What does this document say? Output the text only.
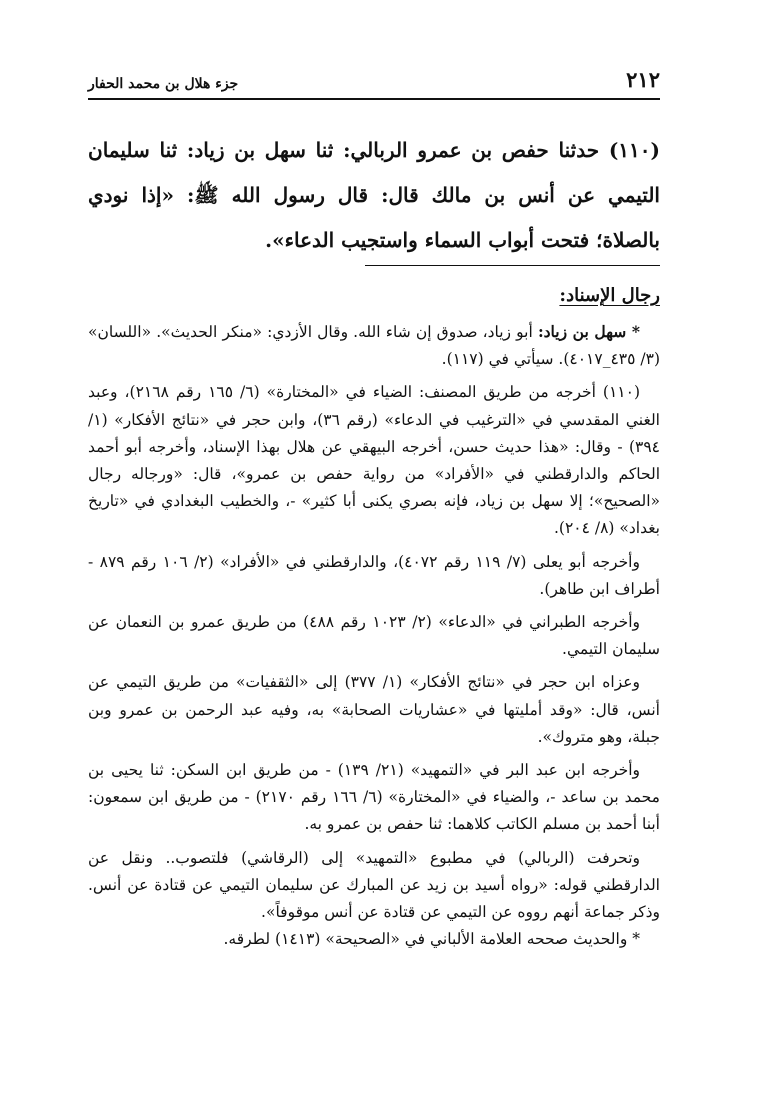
٢١٢
جزء هلال بن محمد الحفار
(١١٠) حدثنا حفص بن عمرو الربالي: ثنا سهل بن زياد: ثنا سليمان التيمي عن أنس بن مالك قال: قال رسول الله ﷺ: «إذا نودي بالصلاة؛ فتحت أبواب السماء واستجيب الدعاء».
رجال الإسناد:

* سهل بن زياد: أبو زياد، صدوق إن شاء الله. وقال الأزدي: «منكر الحديث». «اللسان» (٣/ ٤٣٥_٤٠١٧). سيأتي في (١١٧).

(١١٠) أخرجه من طريق المصنف: الضياء في «المختارة» (٦/ ١٦٥ رقم ٢١٦٨)، وعبد الغني المقدسي في «الترغيب في الدعاء» (رقم ٣٦)، وابن حجر في «نتائج الأفكار» (١/ ٣٩٤) - وقال: «هذا حديث حسن، أخرجه البيهقي عن هلال بهذا الإسناد، وأخرجه أبو أحمد الحاكم والدارقطني في «الأفراد» من رواية حفص بن عمرو»، قال: «ورجاله رجال «الصحيح»؛ إلا سهل بن زياد، فإنه بصري يكنى أبا كثير» -، والخطيب البغدادي في «تاريخ بغداد» (٨/ ٢٠٤).

وأخرجه أبو يعلى (٧/ ١١٩ رقم ٤٠٧٢)، والدارقطني في «الأفراد» (٢/ ١٠٦ رقم ٨٧٩ - أطراف ابن طاهر).

وأخرجه الطبراني في «الدعاء» (٢/ ١٠٢٣ رقم ٤٨٨) من طريق عمرو بن النعمان عن سليمان التيمي.

وعزاه ابن حجر في «نتائج الأفكار» (١/ ٣٧٧) إلى «الثقفيات» من طريق التيمي عن أنس، قال: «وقد أمليتها في «عشاريات الصحابة» به، وفيه عبد الرحمن بن عمرو وبن جبلة، وهو متروك».

وأخرجه ابن عبد البر في «التمهيد» (٢١/ ١٣٩) - من طريق ابن السكن: ثنا يحيى بن محمد بن ساعد -، والضياء في «المختارة» (٦/ ١٦٦ رقم ٢١٧٠) - من طريق ابن سمعون: أبنا أحمد بن مسلم الكاتب كلاهما: ثنا حفص بن عمرو به.

وتحرفت (الربالي) في مطبوع «التمهيد» إلى (الرقاشي) فلتصوب.. ونقل عن الدارقطني قوله: «رواه أسيد بن زيد عن المبارك عن سليمان التيمي عن قتادة عن أنس. وذكر جماعة أنهم رووه عن التيمي عن قتادة عن أنس موقوفاً».

* والحديث صححه العلامة الألباني في «الصحيحة» (١٤١٣) لطرقه.
